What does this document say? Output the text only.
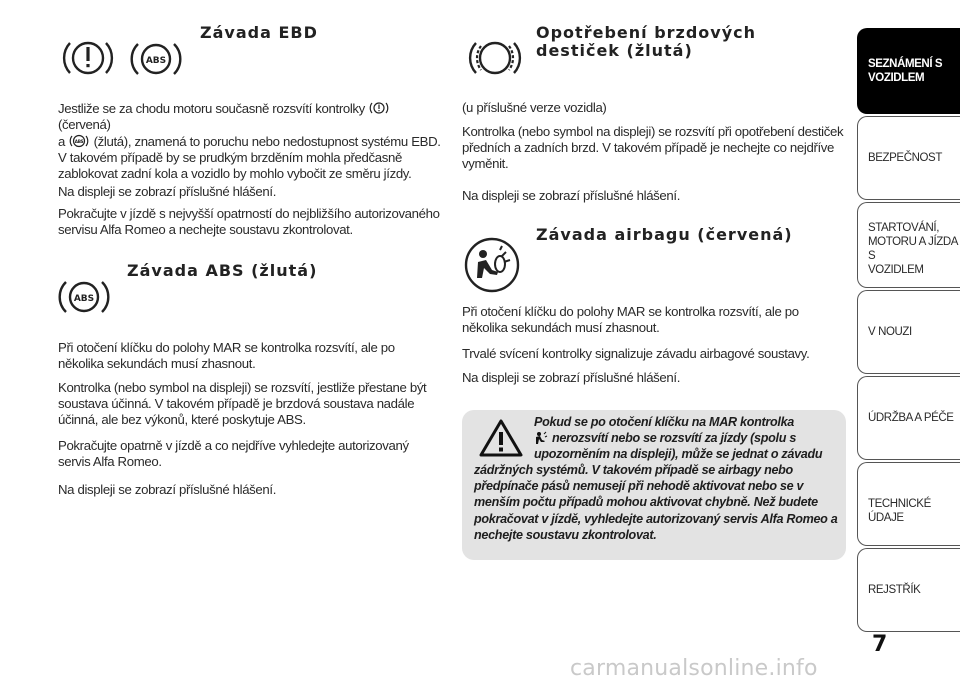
ABS
Závada EBD
Jestliže se za chodu motoru současně rozsvítí kontrolky  (červená)
a ABS (žlutá), znamená to poruchu nebo nedostupnost systému EBD. V takovém případě by se prudkým brzděním mohla předčasně zablokovat zadní kola a vozidlo by mohlo vybočit ze směru jízdy.
Na displeji se zobrazí příslušné hlášení.
Pokračujte v jízdě s nejvyšší opatrností do nejbližšího autorizovaného servisu Alfa Romeo a nechejte soustavu zkontrolovat.
ABS
Závada ABS (žlutá)
Při otočení klíčku do polohy MAR se kontrolka rozsvítí, ale po několika sekundách musí zhasnout.
Kontrolka (nebo symbol na displeji) se rozsvítí, jestliže přestane být soustava účinná. V takovém případě je brzdová soustava nadále účinná, ale bez výkonů, které poskytuje ABS.
Pokračujte opatrně v jízdě a co nejdříve vyhledejte autorizovaný servis Alfa Romeo.
Na displeji se zobrazí příslušné hlášení.
Opotřebení brzdových
destiček (žlutá)
(u příslušné verze vozidla)
Kontrolka (nebo symbol na displeji) se rozsvítí při opotřebení destiček předních a zadních brzd. V takovém případě je nechejte co nejdříve vyměnit.
Na displeji se zobrazí příslušné hlášení.
Závada airbagu (červená)
Při otočení klíčku do polohy MAR se kontrolka rozsvítí, ale po několika sekundách musí zhasnout.
Trvalé svícení kontrolky signalizuje závadu airbagové soustavy.
Na displeji se zobrazí příslušné hlášení.
Pokud se po otočení klíčku na MAR kontrolka
nerozsvítí nebo se rozsvítí za jízdy (spolu s
upozorněním na displeji), může se jednat o závadu
zádržných systémů. V takovém případě se airbagy nebo předpínače pásů nemusejí při nehodě aktivovat nebo se v menším počtu případů mohou aktivovat chybně. Než budete pokračovat v jízdě, vyhledejte autorizovaný servis Alfa Romeo a nechejte soustavu zkontrolovat.
SEZNÁMENÍ S
VOZIDLEM
BEZPEČNOST
STARTOVÁNÍ,
MOTORU A JÍZDA S
VOZIDLEM
V NOUZI
ÚDRŽBA A PÉČE
TECHNICKÉ ÚDAJE
REJSTŘÍK
7
carmanualsonline.info
